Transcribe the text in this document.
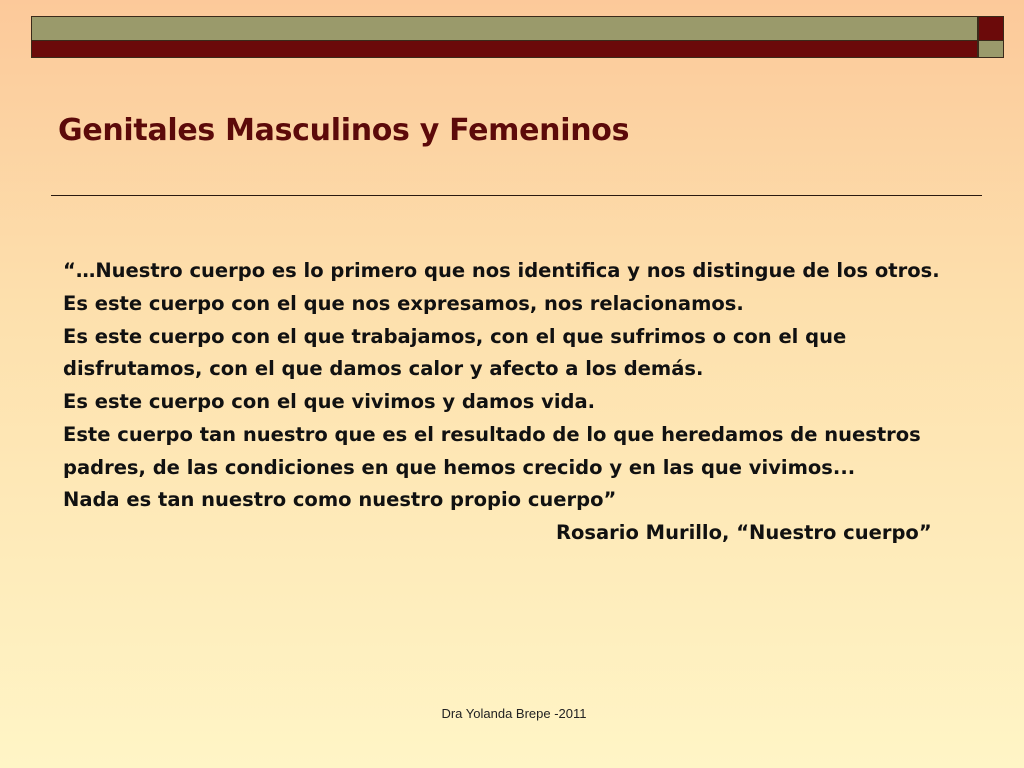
Genitales Masculinos y Femeninos
“…Nuestro cuerpo es lo primero que nos identifica y nos distingue de los otros.
Es este cuerpo con el que nos expresamos, nos relacionamos.
Es este cuerpo con el que trabajamos, con el que sufrimos o con el que
disfrutamos, con el que damos calor y afecto a los demás.
Es este cuerpo con el que vivimos y damos vida.
Este cuerpo tan nuestro que es el resultado de lo que heredamos de nuestros
padres, de las condiciones en que hemos crecido y en las que vivimos...
Nada es tan nuestro como nuestro propio cuerpo”
Rosario Murillo, “Nuestro cuerpo”
Dra Yolanda Brepe -2011
